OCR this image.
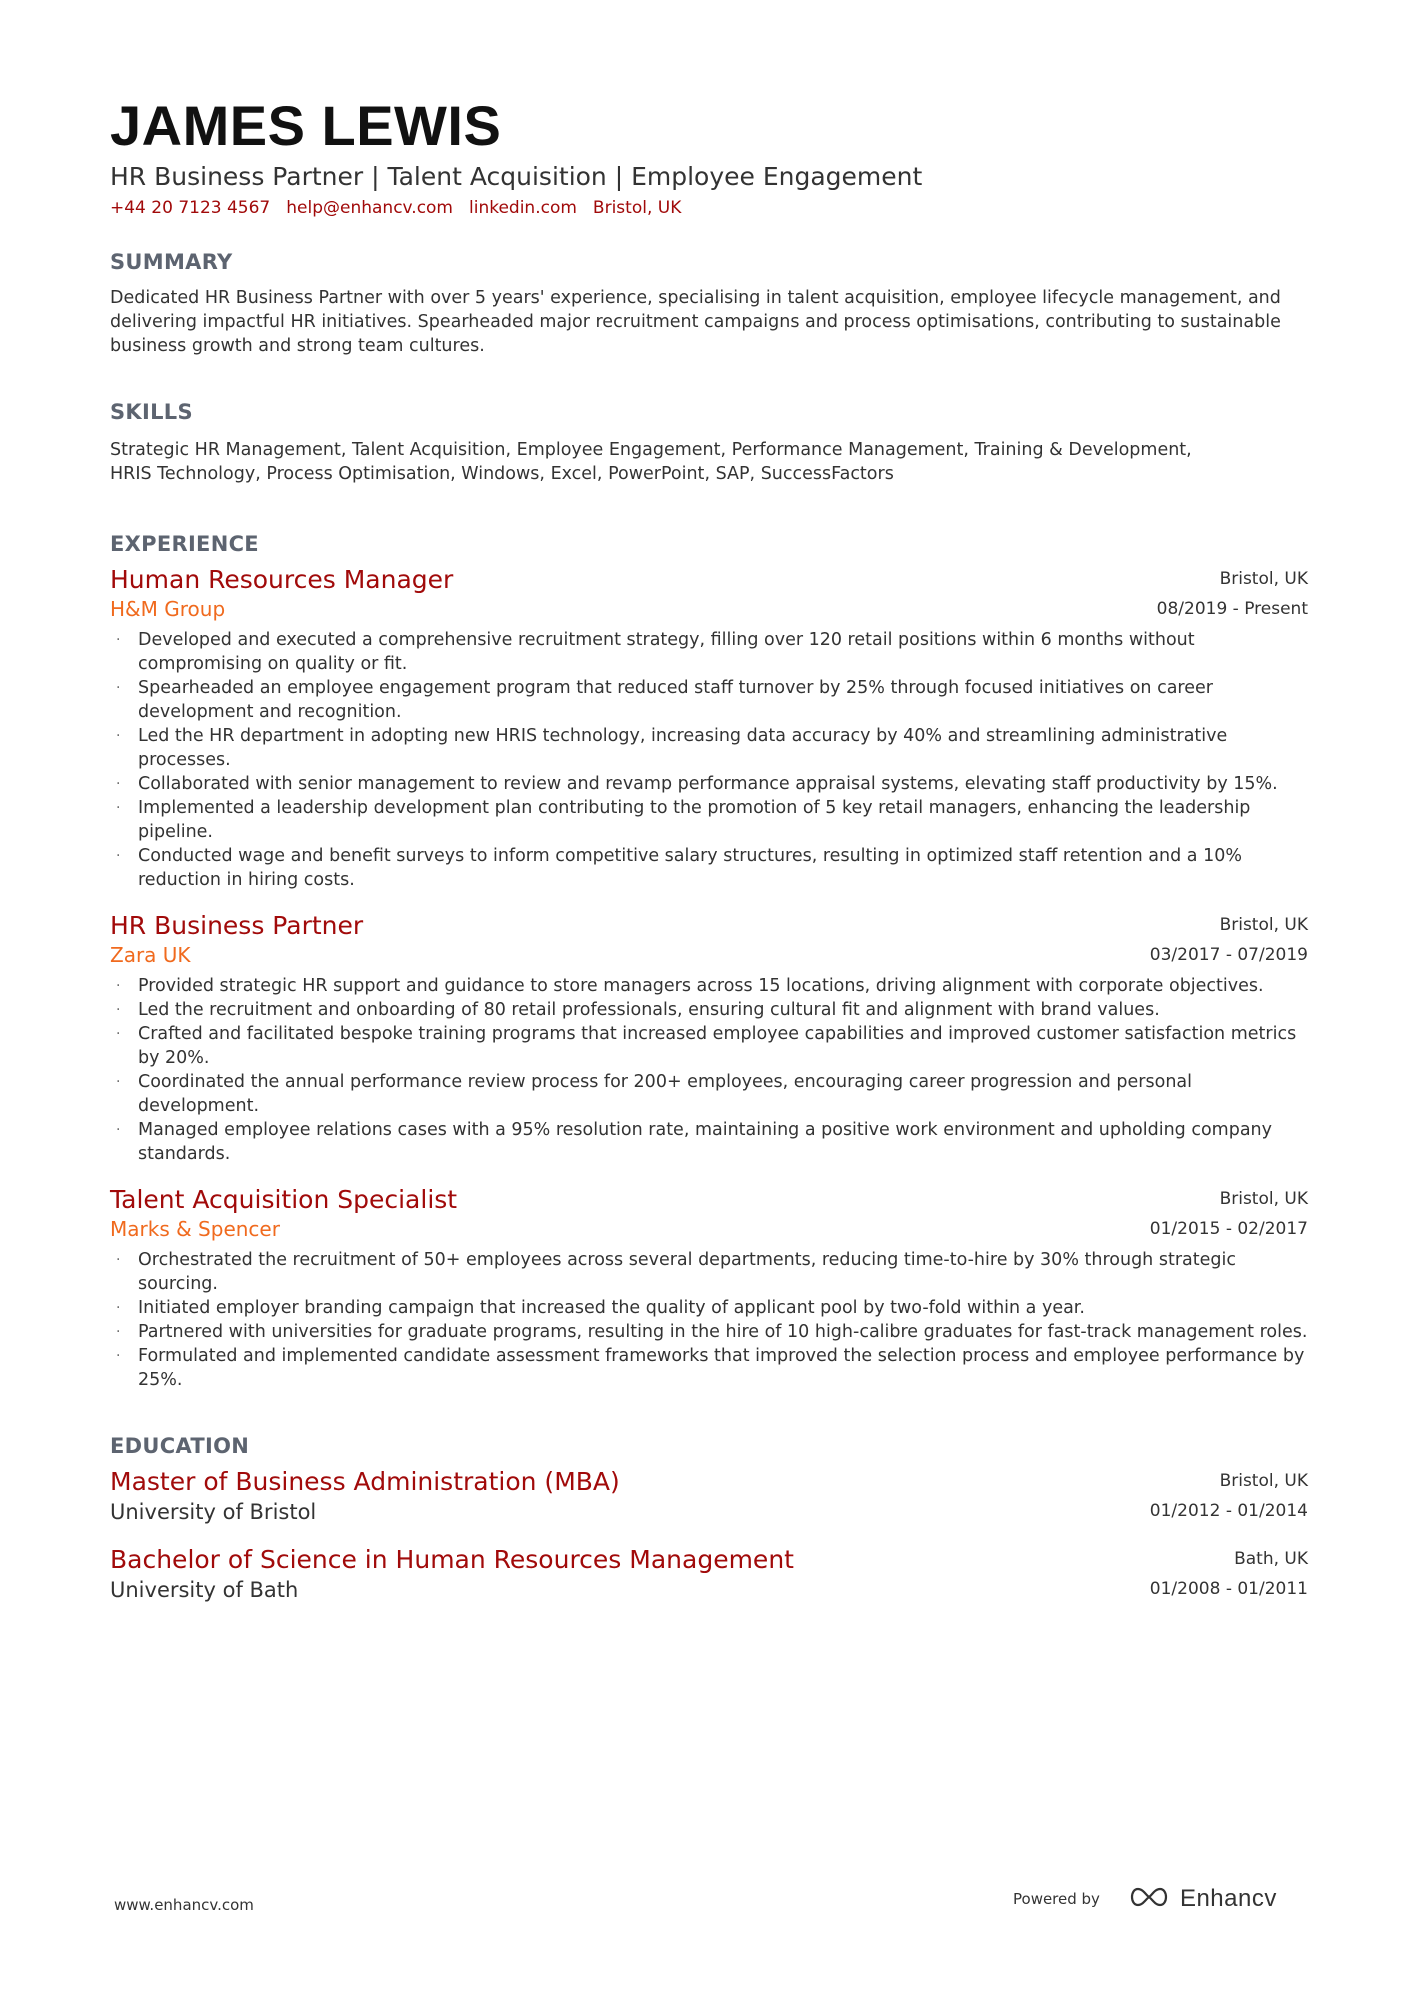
JAMES LEWIS
HR Business Partner | Talent Acquisition | Employee Engagement
+44 20 7123 4567 help@enhancv.com linkedin.com Bristol, UK
SUMMARY
Dedicated HR Business Partner with over 5 years' experience, specialising in talent acquisition, employee lifecycle management, and delivering impactful HR initiatives. Spearheaded major recruitment campaigns and process optimisations, contributing to sustainable business growth and strong team cultures.
SKILLS
Strategic HR Management , Talent Acquisition , Employee Engagement , Performance Management , Training & Development , HRIS Technology , Process Optimisation , Windows , Excel , PowerPoint , SAP , SuccessFactors
EXPERIENCE
Human Resources Manager
H&M Group
Bristol, UK
08/2019 - Present
· Developed and executed a comprehensive recruitment strategy, filling over 120 retail positions within 6 months without compromising on quality or fit.
· Spearheaded an employee engagement program that reduced staff turnover by 25% through focused initiatives on career development and recognition.
· Led the HR department in adopting new HRIS technology, increasing data accuracy by 40% and streamlining administrative processes.
· Collaborated with senior management to review and revamp performance appraisal systems, elevating staff productivity by 15%.
· Implemented a leadership development plan contributing to the promotion of 5 key retail managers, enhancing the leadership pipeline.
· Conducted wage and benefit surveys to inform competitive salary structures, resulting in optimized staff retention and a 10% reduction in hiring costs.
HR Business Partner
Zara UK
Bristol, UK
03/2017 - 07/2019
· Provided strategic HR support and guidance to store managers across 15 locations, driving alignment with corporate objectives.
· Led the recruitment and onboarding of 80 retail professionals, ensuring cultural fit and alignment with brand values.
· Crafted and facilitated bespoke training programs that increased employee capabilities and improved customer satisfaction metrics by 20%.
· Coordinated the annual performance review process for 200+ employees, encouraging career progression and personal development.
· Managed employee relations cases with a 95% resolution rate, maintaining a positive work environment and upholding company standards.
Talent Acquisition Specialist
Marks & Spencer
Bristol, UK
01/2015 - 02/2017
· Orchestrated the recruitment of 50+ employees across several departments, reducing time-to-hire by 30% through strategic sourcing.
· Initiated employer branding campaign that increased the quality of applicant pool by two-fold within a year.
· Partnered with universities for graduate programs, resulting in the hire of 10 high-calibre graduates for fast-track management roles.
· Formulated and implemented candidate assessment frameworks that improved the selection process and employee performance by 25%.
EDUCATION
Master of Business Administration (MBA)
University of Bristol
Bristol, UK
01/2012 - 01/2014
Bachelor of Science in Human Resources Management
University of Bath
Bath, UK
01/2008 - 01/2011
www.enhancv.com	Powered by	Enhancv
